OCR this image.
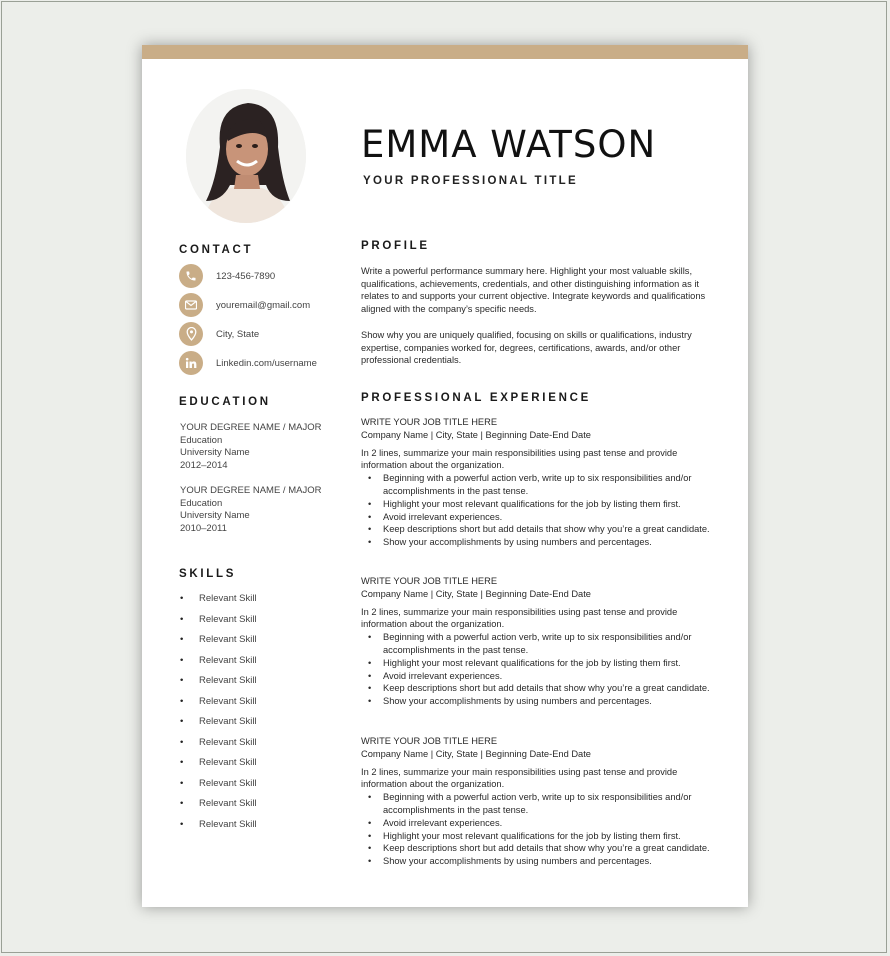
EMMA WATSON
YOUR PROFESSIONAL TITLE
CONTACT
123-456-7890
youremail@gmail.com
City, State
Linkedin.com/username
EDUCATION
YOUR DEGREE NAME / MAJOR
Education
University Name
2012–2014
YOUR DEGREE NAME / MAJOR
Education
University Name
2010–2011
SKILLS
• Relevant Skill
• Relevant Skill
• Relevant Skill
• Relevant Skill
• Relevant Skill
• Relevant Skill
• Relevant Skill
• Relevant Skill
• Relevant Skill
• Relevant Skill
• Relevant Skill
• Relevant Skill
PROFILE

Write a powerful performance summary here. Highlight your most valuable skills, qualifications, achievements, credentials, and other distinguishing information as it relates to and supports your current objective. Integrate keywords and qualifications aligned with the company’s specific needs.

Show why you are uniquely qualified, focusing on skills or qualifications, industry expertise, companies worked for, degrees, certifications, awards, and/or other professional credentials.

PROFESSIONAL EXPERIENCE

WRITE YOUR JOB TITLE HERE

Company Name | City, State | Beginning Date-End Date

In 2 lines, summarize your main responsibilities using past tense and provide information about the organization.

• Beginning with a powerful action verb, write up to six responsibilities and/or accomplishments in the past tense.
• Highlight your most relevant qualifications for the job by listing them first.
• Avoid irrelevant experiences.
• Keep descriptions short but add details that show why you’re a great candidate.
• Show your accomplishments by using numbers and percentages.

WRITE YOUR JOB TITLE HERE

Company Name | City, State | Beginning Date-End Date

In 2 lines, summarize your main responsibilities using past tense and provide information about the organization.

• Beginning with a powerful action verb, write up to six responsibilities and/or accomplishments in the past tense.
• Highlight your most relevant qualifications for the job by listing them first.
• Avoid irrelevant experiences.
• Keep descriptions short but add details that show why you’re a great candidate.
• Show your accomplishments by using numbers and percentages.

WRITE YOUR JOB TITLE HERE

Company Name | City, State | Beginning Date-End Date

In 2 lines, summarize your main responsibilities using past tense and provide information about the organization.

• Beginning with a powerful action verb, write up to six responsibilities and/or accomplishments in the past tense.
• Avoid irrelevant experiences.
• Highlight your most relevant qualifications for the job by listing them first.
• Keep descriptions short but add details that show why you’re a great candidate.
• Show your accomplishments by using numbers and percentages.
